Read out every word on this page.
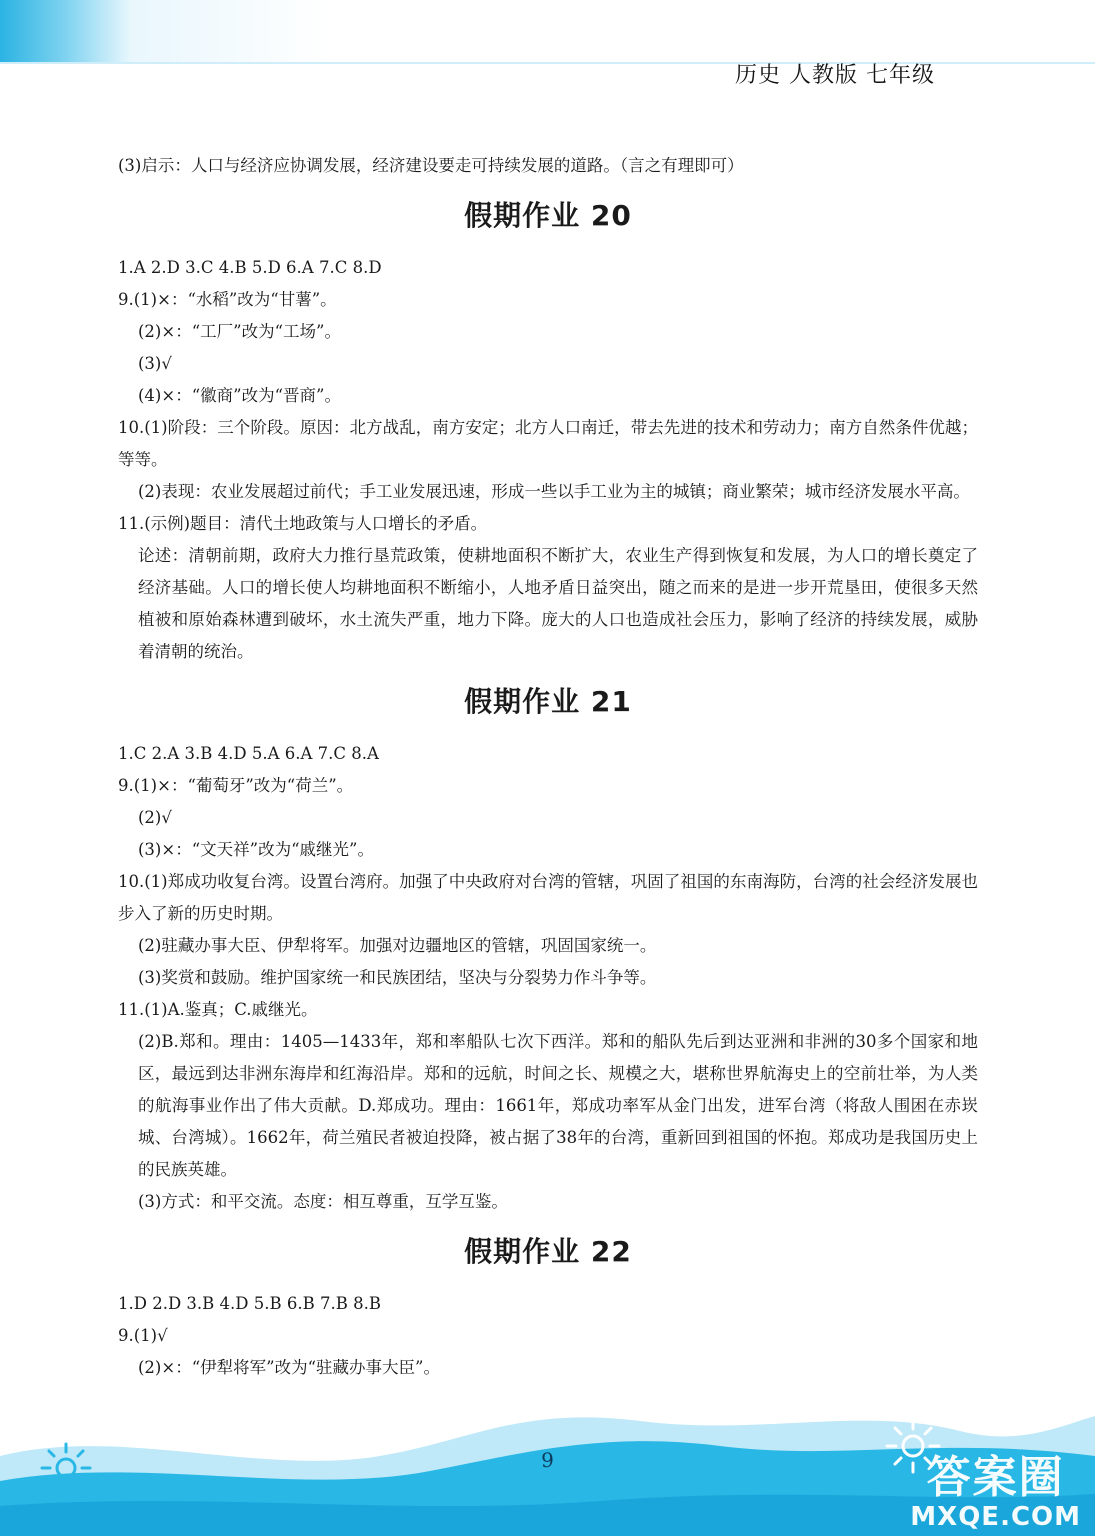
历史 人教版 七年级
(3)启示：人口与经济应协调发展，经济建设要走可持续发展的道路。（言之有理即可）
假期作业 20
1.A 2.D 3.C 4.B 5.D 6.A 7.C 8.D
9.(1)×：“水稻”改为“甘薯”。
(2)×：“工厂”改为“工场”。
(3)√
(4)×：“徽商”改为“晋商”。
10.(1)阶段：三个阶段。原因：北方战乱，南方安定；北方人口南迁，带去先进的技术和劳动力；南方自然条件优越；等等。
(2)表现：农业发展超过前代；手工业发展迅速，形成一些以手工业为主的城镇；商业繁荣；城市经济发展水平高。
11.(示例)题目：清代土地政策与人口增长的矛盾。
论述：清朝前期，政府大力推行垦荒政策，使耕地面积不断扩大，农业生产得到恢复和发展，为人口的增长奠定了经济基础。人口的增长使人均耕地面积不断缩小，人地矛盾日益突出，随之而来的是进一步开荒垦田，使很多天然植被和原始森林遭到破坏，水土流失严重，地力下降。庞大的人口也造成社会压力，影响了经济的持续发展，威胁着清朝的统治。
假期作业 21
1.C 2.A 3.B 4.D 5.A 6.A 7.C 8.A
9.(1)×：“葡萄牙”改为“荷兰”。
(2)√
(3)×：“文天祥”改为“戚继光”。
10.(1)郑成功收复台湾。设置台湾府。加强了中央政府对台湾的管辖，巩固了祖国的东南海防，台湾的社会经济发展也步入了新的历史时期。
(2)驻藏办事大臣、伊犁将军。加强对边疆地区的管辖，巩固国家统一。
(3)奖赏和鼓励。维护国家统一和民族团结，坚决与分裂势力作斗争等。
11.(1)A.鉴真；C.戚继光。
(2)B.郑和。理由：1405—1433年，郑和率船队七次下西洋。郑和的船队先后到达亚洲和非洲的30多个国家和地区，最远到达非洲东海岸和红海沿岸。郑和的远航，时间之长、规模之大，堪称世界航海史上的空前壮举，为人类的航海事业作出了伟大贡献。D.郑成功。理由：1661年，郑成功率军从金门出发，进军台湾（将敌人围困在赤崁城、台湾城）。1662年，荷兰殖民者被迫投降，被占据了38年的台湾，重新回到祖国的怀抱。郑成功是我国历史上的民族英雄。
(3)方式：和平交流。态度：相互尊重，互学互鉴。
假期作业 22
1.D 2.D 3.B 4.D 5.B 6.B 7.B 8.B
9.(1)√
(2)×：“伊犁将军”改为“驻藏办事大臣”。
答案圈
MXQE.COM
9
